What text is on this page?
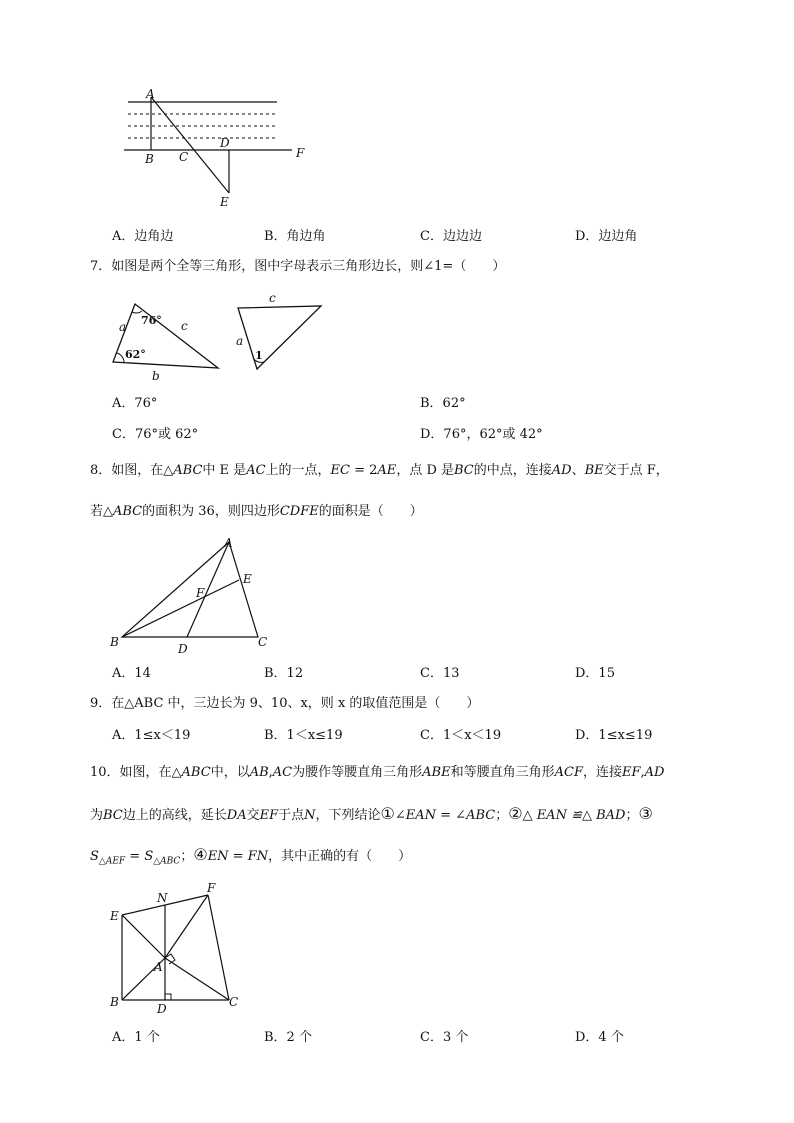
A
B C
D
E
F
A．边角边	B．角边角	C．边边边	D．边边角
7．如图是两个全等三角形，图中字母表示三角形边长，则∠1=（　　）
a
b
c
76°
62°
a
c
1
A．76°	B．62°
C．76°或 62°	D．76°，62°或 42°
8．如图，在△ABC中 E 是AC上的一点，EC = 2AE，点 D 是BC的中点，连接AD、BE交于点 F，
若△ABC的面积为 36，则四边形CDFE的面积是（　　）
A
B	C
D
E
F
A．14	B．12	C．13	D．15
9．在△ABC 中，三边长为 9、10、x，则 x 的取值范围是（　　）
A．1≤x＜19	B．1＜x≤19	C．1＜x＜19	D．1≤x≤19
10．如图，在△ABC中，以AB,AC为腰作等腰直角三角形ABE和等腰直角三角形ACF，连接EF,AD
为BC边上的高线，延长DA交EF于点N，下列结论①∠EAN = ∠ABC；②△ EAN ≌△ BAD；③
$S_{\triangle AEF} = S_{\triangle ABC}$；④EN = FN，其中正确的有（　　）
E
N
F
A
B	D	C
A．1 个	B．2 个	C．3 个	D．4 个
